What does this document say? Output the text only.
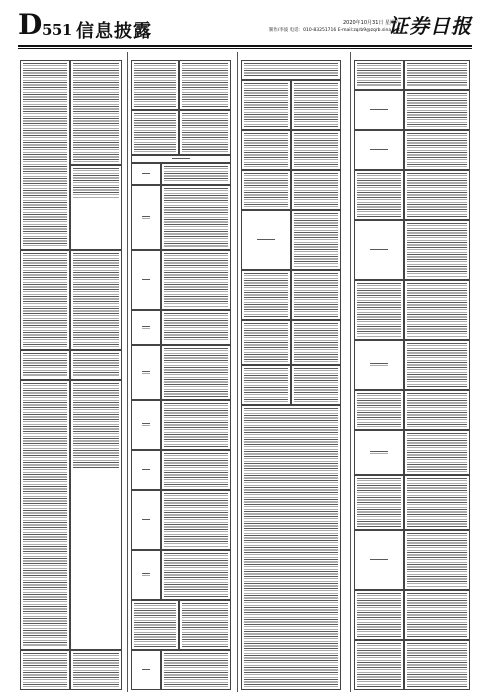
D 551 信息披露	2020年10月31日 星期六
制作/李波 电话：010-83251716 E-mail:zqrb9@zqrb.sina.net
证券日报
